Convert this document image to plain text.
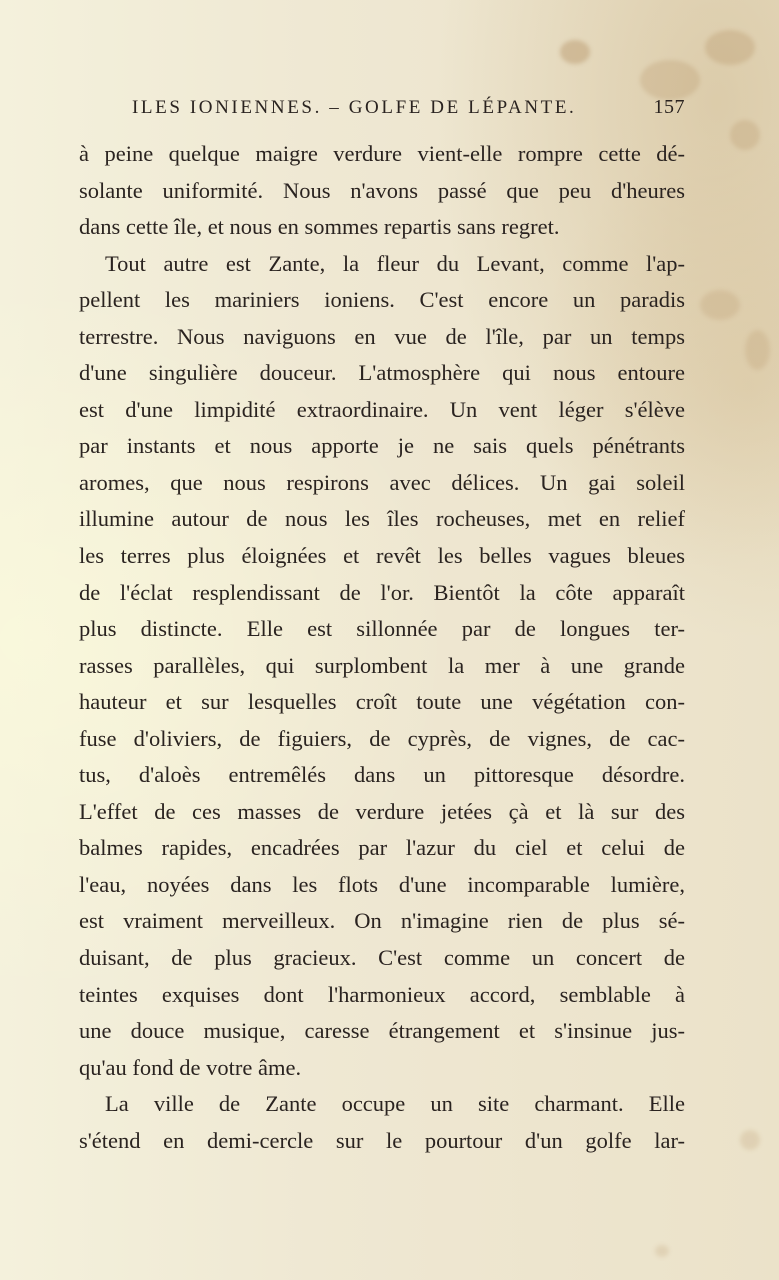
ILES IONIENNES. – GOLFE DE LÉPANTE.	157
à peine quelque maigre verdure vient-elle rompre cette dé-
solante uniformité. Nous n'avons passé que peu d'heures
dans cette île, et nous en sommes repartis sans regret.
Tout autre est Zante, la fleur du Levant, comme l'ap-
pellent les mariniers ioniens. C'est encore un paradis
terrestre. Nous naviguons en vue de l'île, par un temps
d'une singulière douceur. L'atmosphère qui nous entoure
est d'une limpidité extraordinaire. Un vent léger s'élève
par instants et nous apporte je ne sais quels pénétrants
aromes, que nous respirons avec délices. Un gai soleil
illumine autour de nous les îles rocheuses, met en relief
les terres plus éloignées et revêt les belles vagues bleues
de l'éclat resplendissant de l'or. Bientôt la côte apparaît
plus distincte. Elle est sillonnée par de longues ter-
rasses parallèles, qui surplombent la mer à une grande
hauteur et sur lesquelles croît toute une végétation con-
fuse d'oliviers, de figuiers, de cyprès, de vignes, de cac-
tus, d'aloès entremêlés dans un pittoresque désordre.
L'effet de ces masses de verdure jetées çà et là sur des
balmes rapides, encadrées par l'azur du ciel et celui de
l'eau, noyées dans les flots d'une incomparable lumière,
est vraiment merveilleux. On n'imagine rien de plus sé-
duisant, de plus gracieux. C'est comme un concert de
teintes exquises dont l'harmonieux accord, semblable à
une douce musique, caresse étrangement et s'insinue jus-
qu'au fond de votre âme.
La ville de Zante occupe un site charmant. Elle
s'étend en demi-cercle sur le pourtour d'un golfe lar-
